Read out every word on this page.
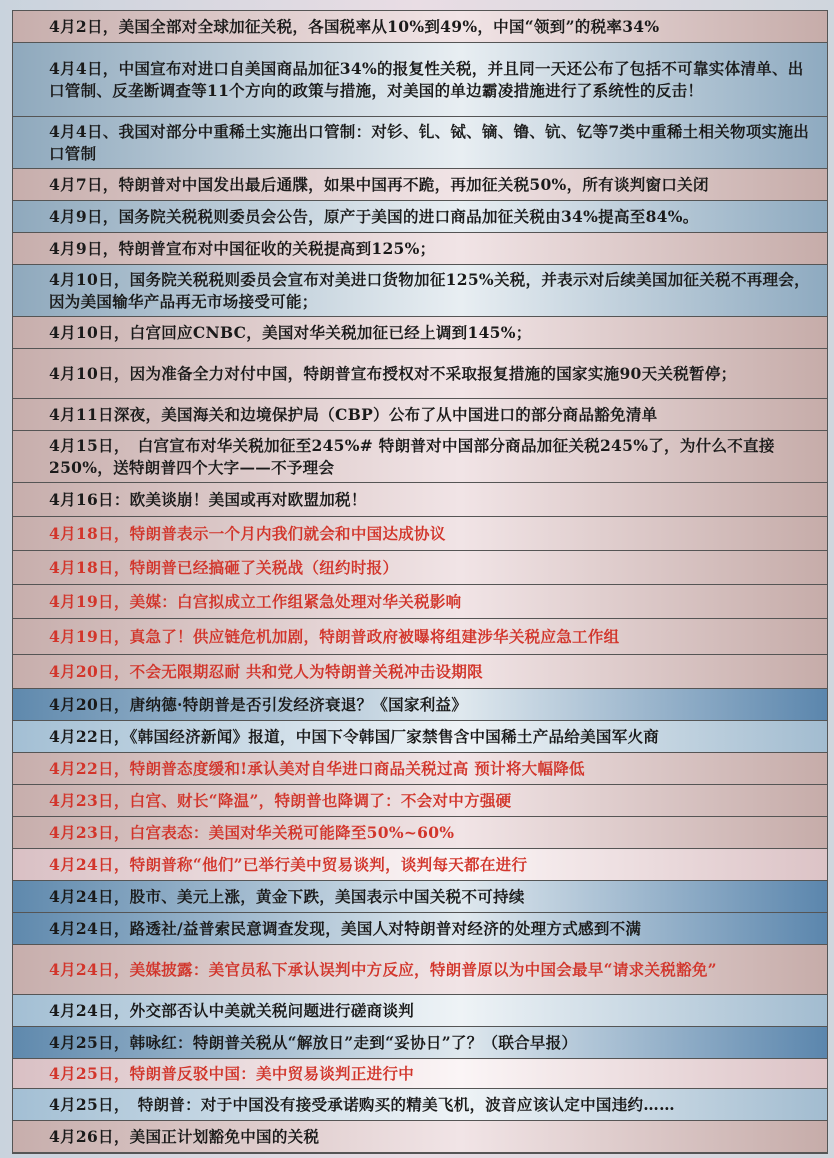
4月2日，美国全部对全球加征关税，各国税率从10%到49%，中国“领到”的税率34%
4月4日，中国宣布对进口自美国商品加征34%的报复性关税，并且同一天还公布了包括不可靠实体清单、出口管制、反垄断调查等11个方向的政策与措施，对美国的单边霸凌措施进行了系统性的反击！
4月4日、我国对部分中重稀土实施出口管制：对钐、钆、铽、镝、镥、钪、钇等7类中重稀土相关物项实施出口管制
4月7日，特朗普对中国发出最后通牒，如果中国再不跪，再加征关税50%，所有谈判窗口关闭
4月9日，国务院关税税则委员会公告，原产于美国的进口商品加征关税由34%提高至84%。
4月9日，特朗普宣布对中国征收的关税提高到125%；
4月10日，国务院关税税则委员会宣布对美进口货物加征125%关税，并表示对后续美国加征关税不再理会，因为美国输华产品再无市场接受可能；
4月10日，白宫回应CNBC，美国对华关税加征已经上调到145%；
4月10日，因为准备全力对付中国，特朗普宣布授权对不采取报复措施的国家实施90天关税暂停；
4月11日深夜，美国海关和边境保护局（CBP）公布了从中国进口的部分商品豁免清单
4月15日，　白宫宣布对华关税加征至245%# 特朗普对中国部分商品加征关税245%了，为什么不直接250%，送特朗普四个大字——不予理会
4月16日：欧美谈崩！美国或再对欧盟加税！
4月18日，特朗普表示一个月内我们就会和中国达成协议
4月18日，特朗普已经搞砸了关税战（纽约时报）
4月19日，美媒：白宫拟成立工作组紧急处理对华关税影响
4月19日，真急了！供应链危机加剧，特朗普政府被曝将组建涉华关税应急工作组
4月20日，不会无限期忍耐 共和党人为特朗普关税冲击设期限
4月20日，唐纳德·特朗普是否引发经济衰退？《国家利益》
4月22日，《韩国经济新闻》报道，中国下令韩国厂家禁售含中国稀土产品给美国军火商
4月22日，特朗普态度缓和!承认美对自华进口商品关税过高 预计将大幅降低
4月23日，白宫、财长“降温”，特朗普也降调了：不会对中方强硬
4月23日，白宫表态：美国对华关税可能降至50%~60%
4月24日，特朗普称“他们”已举行美中贸易谈判，谈判每天都在进行
4月24日，股市、美元上涨，黄金下跌，美国表示中国关税不可持续
4月24日，路透社/益普索民意调查发现，美国人对特朗普对经济的处理方式感到不满
4月24日，美媒披露：美官员私下承认误判中方反应，特朗普原以为中国会最早“请求关税豁免”
4月24日，外交部否认中美就关税问题进行磋商谈判
4月25日，韩咏红：特朗普关税从“解放日”走到“妥协日”了？（联合早报）
4月25日，特朗普反驳中国：美中贸易谈判正进行中
4月25日，　特朗普：对于中国没有接受承诺购买的精美飞机，波音应该认定中国违约……
4月26日，美国正计划豁免中国的关税
